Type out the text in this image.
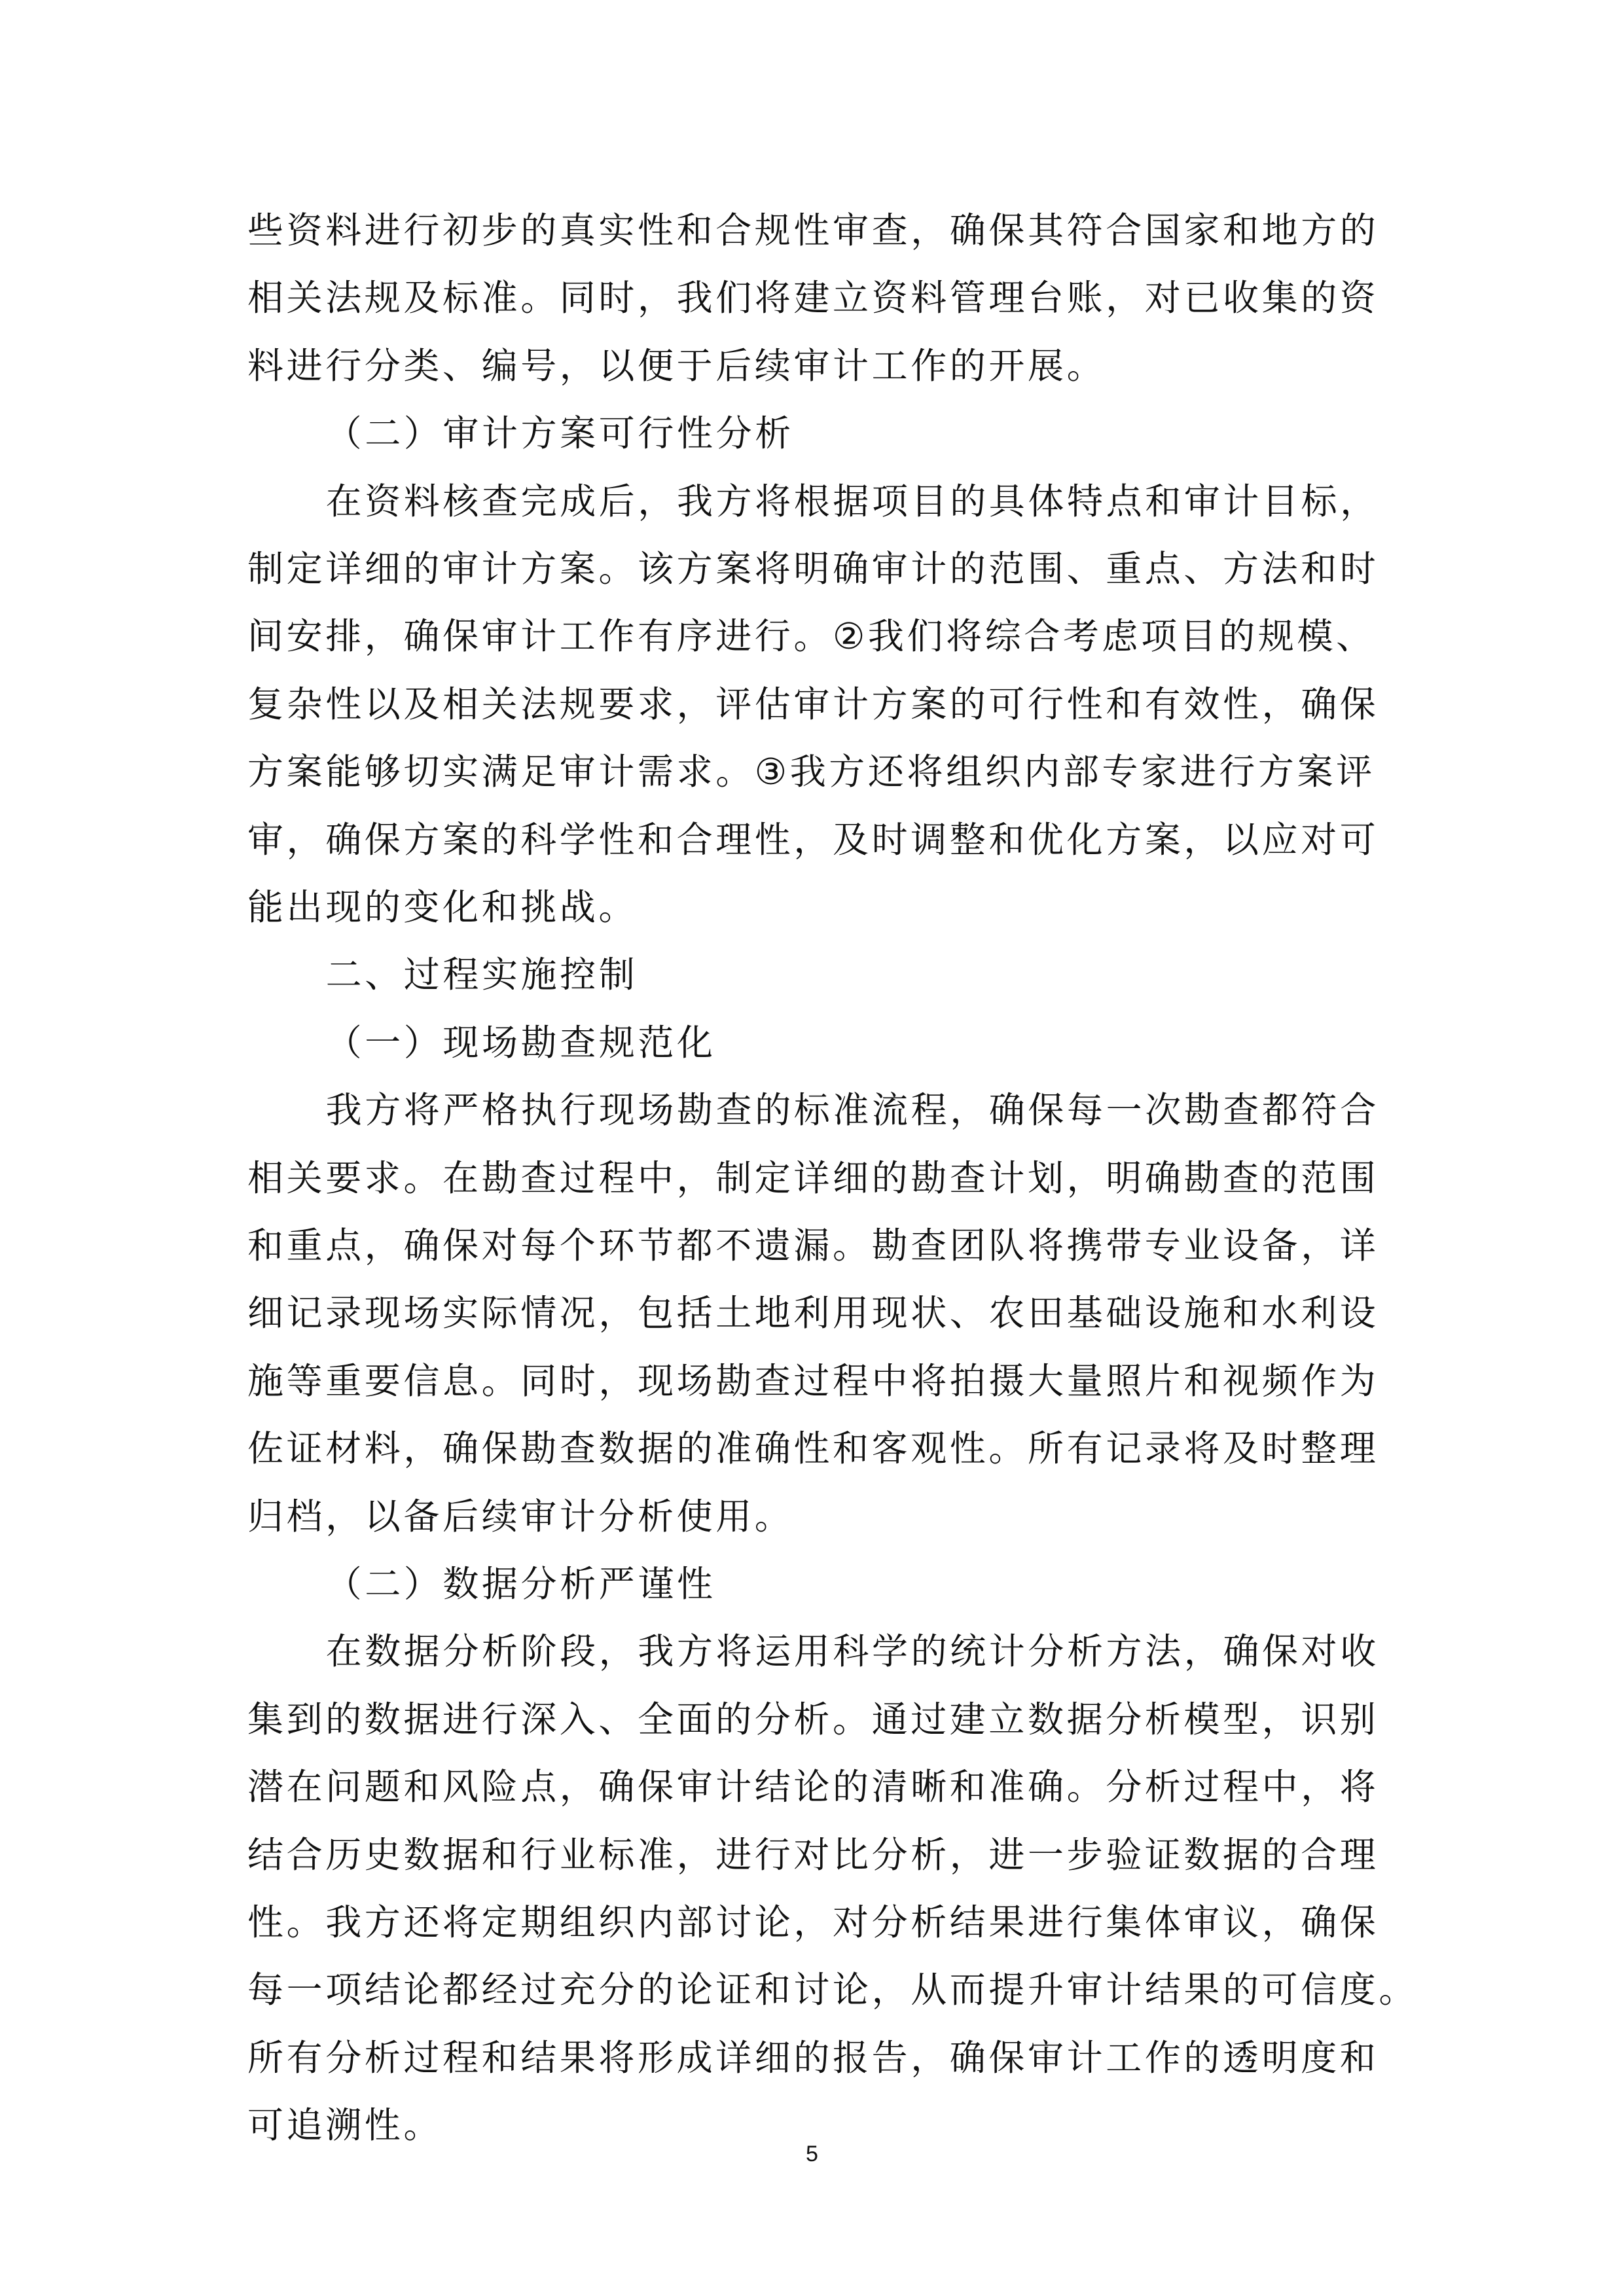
些资料进行初步的真实性和合规性审查，确保其符合国家和地方的
相关法规及标准。同时，我们将建立资料管理台账，对已收集的资
料进行分类、编号，以便于后续审计工作的开展。
（二）审计方案可行性分析
在资料核查完成后，我方将根据项目的具体特点和审计目标，
制定详细的审计方案。该方案将明确审计的范围、重点、方法和时
间安排，确保审计工作有序进行。②我们将综合考虑项目的规模、
复杂性以及相关法规要求，评估审计方案的可行性和有效性，确保
方案能够切实满足审计需求。③我方还将组织内部专家进行方案评
审，确保方案的科学性和合理性，及时调整和优化方案，以应对可
能出现的变化和挑战。
二、过程实施控制
（一）现场勘查规范化
我方将严格执行现场勘查的标准流程，确保每一次勘查都符合
相关要求。在勘查过程中，制定详细的勘查计划，明确勘查的范围
和重点，确保对每个环节都不遗漏。勘查团队将携带专业设备，详
细记录现场实际情况，包括土地利用现状、农田基础设施和水利设
施等重要信息。同时，现场勘查过程中将拍摄大量照片和视频作为
佐证材料，确保勘查数据的准确性和客观性。所有记录将及时整理
归档，以备后续审计分析使用。
（二）数据分析严谨性
在数据分析阶段，我方将运用科学的统计分析方法，确保对收
集到的数据进行深入、全面的分析。通过建立数据分析模型，识别
潜在问题和风险点，确保审计结论的清晰和准确。分析过程中，将
结合历史数据和行业标准，进行对比分析，进一步验证数据的合理
性。我方还将定期组织内部讨论，对分析结果进行集体审议，确保
每一项结论都经过充分的论证和讨论，从而提升审计结果的可信度。
所有分析过程和结果将形成详细的报告，确保审计工作的透明度和
可追溯性。
5
